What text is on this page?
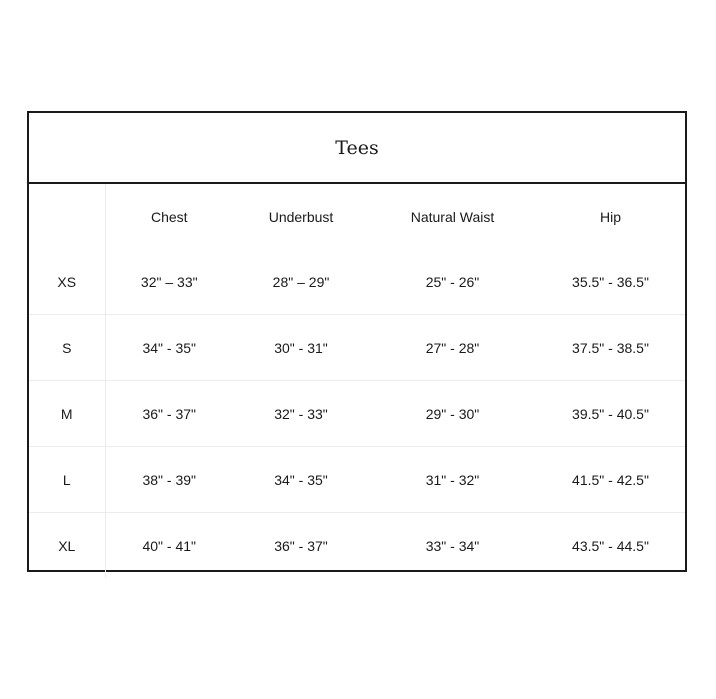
Tees
	Chest	Underbust	Natural Waist	Hip
XS	32" – 33"	28" – 29"	25" - 26"	35.5" - 36.5"
S	34" - 35"	30" - 31"	27" - 28"	37.5" - 38.5"
M	36" - 37"	32" - 33"	29" - 30"	39.5" - 40.5"
L	38" - 39"	34" - 35"	31" - 32"	41.5" - 42.5"
XL	40" - 41"	36" - 37"	33" - 34"	43.5" - 44.5"
